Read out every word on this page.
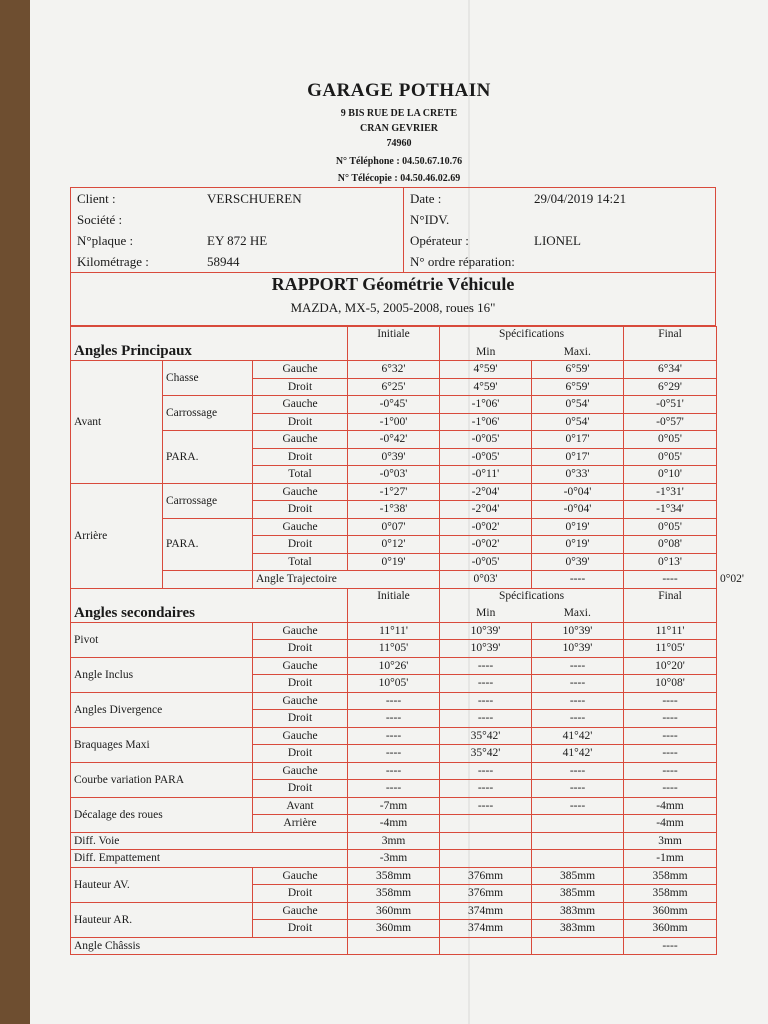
GARAGE POTHAIN
9 BIS RUE DE LA CRETE
CRAN GEVRIER
74960
N° Téléphone : 04.50.67.10.76
N° Télécopie : 04.50.46.02.69
Client :	VERSCHUEREN	Date :	29/04/2019 14:21
Société :		N°IDV.	
N°plaque :	EY 872 HE	Opérateur :	LIONEL
Kilométrage :	58944	N° ordre réparation:	
RAPPORT Géométrie Véhicule
MAZDA, MX-5, 2005-2008, roues 16"
Angles Principaux			Initiale	Spécifications		Final	
				Min	Maxi.		
Avant	Chasse	Gauche	6°32'	4°59'	6°59'	6°34'	
		Droit	6°25'	4°59'	6°59'	6°29'	
	Carrossage	Gauche	-0°45'	-1°06'	0°54'	-0°51'	
		Droit	-1°00'	-1°06'	0°54'	-0°57'	
	PARA.	Gauche	-0°42'	-0°05'	0°17'	0°05'	
		Droit	0°39'	-0°05'	0°17'	0°05'	
		Total	-0°03'	-0°11'	0°33'	0°10'	
Arrière	Carrossage	Gauche	-1°27'	-2°04'	-0°04'	-1°31'	
		Droit	-1°38'	-2°04'	-0°04'	-1°34'	
	PARA.	Gauche	0°07'	-0°02'	0°19'	0°05'	
		Droit	0°12'	-0°02'	0°19'	0°08'	
		Total	0°19'	-0°05'	0°39'	0°13'	
		Angle Trajectoire		0°03'	----	----	0°02'
Angles secondaires			Initiale	Spécifications		Final	
				Min	Maxi.		
Pivot		Gauche	11°11'	10°39'	10°39'	11°11'	
		Droit	11°05'	10°39'	10°39'	11°05'	
Angle Inclus		Gauche	10°26'	----	----	10°20'	
		Droit	10°05'	----	----	10°08'	
Angles Divergence		Gauche	----	----	----	----	
		Droit	----	----	----	----	
Braquages Maxi		Gauche	----	35°42'	41°42'	----	
		Droit	----	35°42'	41°42'	----	
Courbe variation PARA		Gauche	----	----	----	----	
		Droit	----	----	----	----	
Décalage des roues		Avant	-7mm	----	----	-4mm	
		Arrière	-4mm			-4mm	
Diff. Voie			3mm			3mm	
Diff. Empattement			-3mm			-1mm	
Hauteur AV.		Gauche	358mm	376mm	385mm	358mm	
		Droit	358mm	376mm	385mm	358mm	
Hauteur AR.		Gauche	360mm	374mm	383mm	360mm	
		Droit	360mm	374mm	383mm	360mm	
Angle Châssis						----	
